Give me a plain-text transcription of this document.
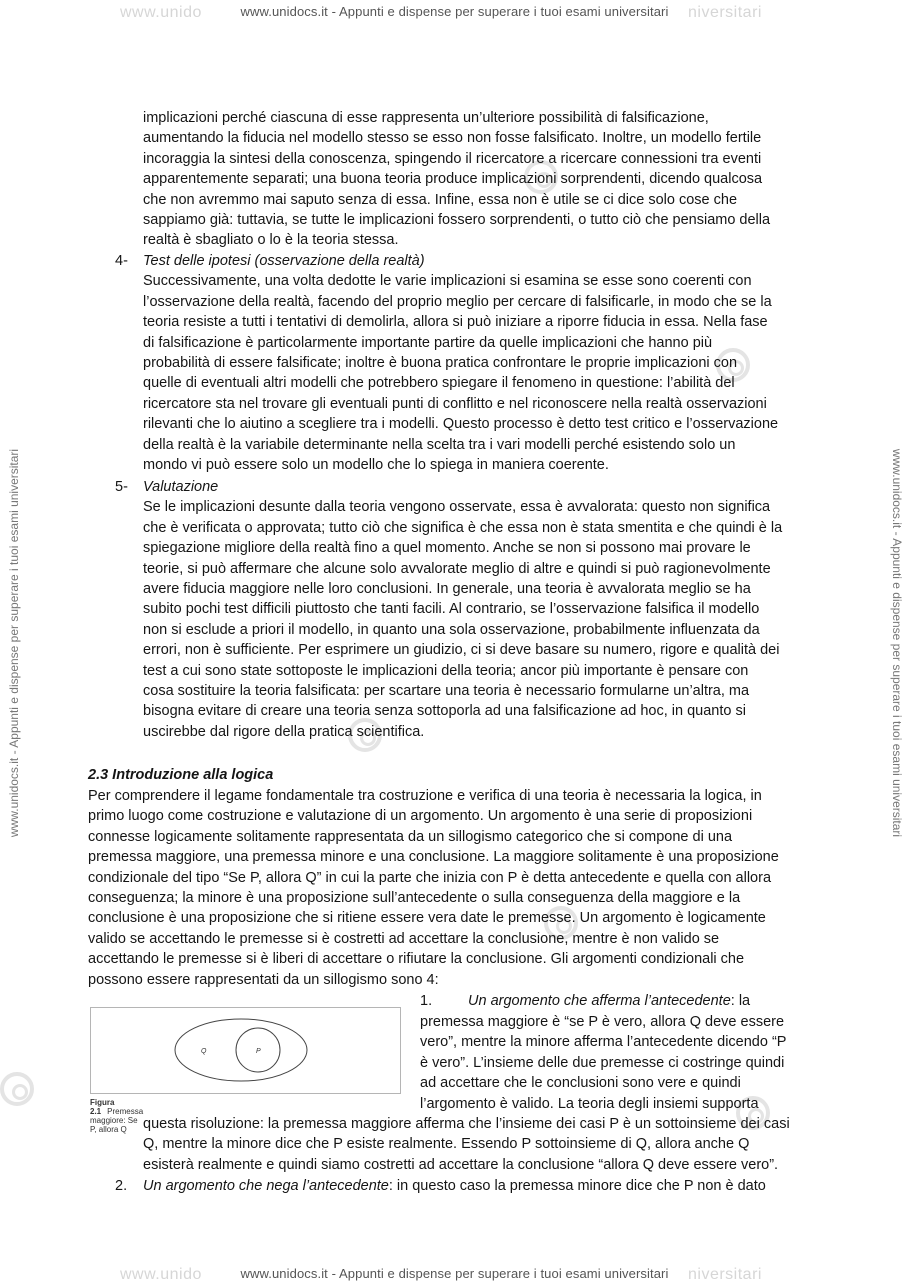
www.unido	niversitari
www.unidocs.it - Appunti e dispense per superare i tuoi esami universitari
www.unidocs.it - Appunti e dispense per superare i tuoi esami universitari	www.unidocs.it - Appunti e dispense per superare i tuoi esami universitari

implicazioni perché ciascuna di esse rappresenta un’ulteriore possibilità di falsificazione,

aumentando la fiducia nel modello stesso se esso non fosse falsificato. Inoltre, un modello fertile

incoraggia la sintesi della conoscenza, spingendo il ricercatore a ricercare connessioni tra eventi

apparentemente separati; una buona teoria produce implicazioni sorprendenti, dicendo qualcosa

che non avremmo mai saputo senza di essa. Infine, essa non è utile se ci dice solo cose che

sappiamo già: tuttavia, se tutte le implicazioni fossero sorprendenti, o tutto ciò che pensiamo della

realtà è sbagliato o lo è la teoria stessa.

4- Test delle ipotesi (osservazione della realtà)

Successivamente, una volta dedotte le varie implicazioni si esamina se esse sono coerenti con

l’osservazione della realtà, facendo del proprio meglio per cercare di falsificarle, in modo che se la

teoria resiste a tutti i tentativi di demolirla, allora si può iniziare a riporre fiducia in essa. Nella fase

di falsificazione è particolarmente importante partire da quelle implicazioni che hanno più

probabilità di essere falsificate; inoltre è buona pratica confrontare le proprie implicazioni con

quelle di eventuali altri modelli che potrebbero spiegare il fenomeno in questione: l’abilità del

ricercatore sta nel trovare gli eventuali punti di conflitto e nel riconoscere nella realtà osservazioni

rilevanti che lo aiutino a scegliere tra i modelli. Questo processo è detto test critico e l’osservazione

della realtà è la variabile determinante nella scelta tra i vari modelli perché esistendo solo un

mondo vi può essere solo un modello che lo spiega in maniera coerente.

5- Valutazione

Se le implicazioni desunte dalla teoria vengono osservate, essa è avvalorata: questo non significa

che è verificata o approvata; tutto ciò che significa è che essa non è stata smentita e che quindi è la

spiegazione migliore della realtà fino a quel momento. Anche se non si possono mai provare le

teorie, si può affermare che alcune solo avvalorate meglio di altre e quindi si può ragionevolmente

avere fiducia maggiore nelle loro conclusioni. In generale, una teoria è avvalorata meglio se ha

subito pochi test difficili piuttosto che tanti facili. Al contrario, se l’osservazione falsifica il modello

non si esclude a priori il modello, in quanto una sola osservazione, probabilmente influenzata da

errori, non è sufficiente. Per esprimere un giudizio, ci si deve basare su numero, rigore e qualità dei

test a cui sono state sottoposte le implicazioni della teoria; ancor più importante è pensare con

cosa sostituire la teoria falsificata: per scartare una teoria è necessario formularne un’altra, ma

bisogna evitare di creare una teoria senza sottoporla ad una falsificazione ad hoc, in quanto si

uscirebbe dal rigore della pratica scientifica.

2.3 Introduzione alla logica

Per comprendere il legame fondamentale tra costruzione e verifica di una teoria è necessaria la logica, in

primo luogo come costruzione e valutazione di un argomento. Un argomento è una serie di proposizioni

connesse logicamente solitamente rappresentata da un sillogismo categorico che si compone di una

premessa maggiore, una premessa minore e una conclusione. La maggiore solitamente è una proposizione

condizionale del tipo “Se P, allora Q” in cui la parte che inizia con P è detta antecedente e quella con allora

conseguenza; la minore è una proposizione sull’antecedente o sulla conseguenza della maggiore e la

conclusione è una proposizione che si ritiene essere vera date le premesse. Un argomento è logicamente

valido se accettando le premesse si è costretti ad accettare la conclusione, mentre è non valido se

accettando le premesse si è liberi di accettare o rifiutare la conclusione. Gli argomenti condizionali che

possono essere rappresentati da un sillogismo sono 4:

Q	P
Figura 2.1 Premessa maggiore: Se P, allora Q
1. Un argomento che afferma l’antecedente: la

premessa maggiore è “se P è vero, allora Q deve essere

vero”, mentre la minore afferma l’antecedente dicendo “P

è vero”. L’insieme delle due premesse ci costringe quindi

ad accettare che le conclusioni sono vere e quindi

l’argomento è valido. La teoria degli insiemi supporta

questa risoluzione: la premessa maggiore afferma che l’insieme dei casi P è un sottoinsieme dei casi

Q, mentre la minore dice che P esiste realmente. Essendo P sottoinsieme di Q, allora anche Q

esisterà realmente e quindi siamo costretti ad accettare la conclusione “allora Q deve essere vero”.

2. Un argomento che nega l’antecedente: in questo caso la premessa minore dice che P non è dato
www.unido	niversitari
www.unidocs.it - Appunti e dispense per superare i tuoi esami universitari
